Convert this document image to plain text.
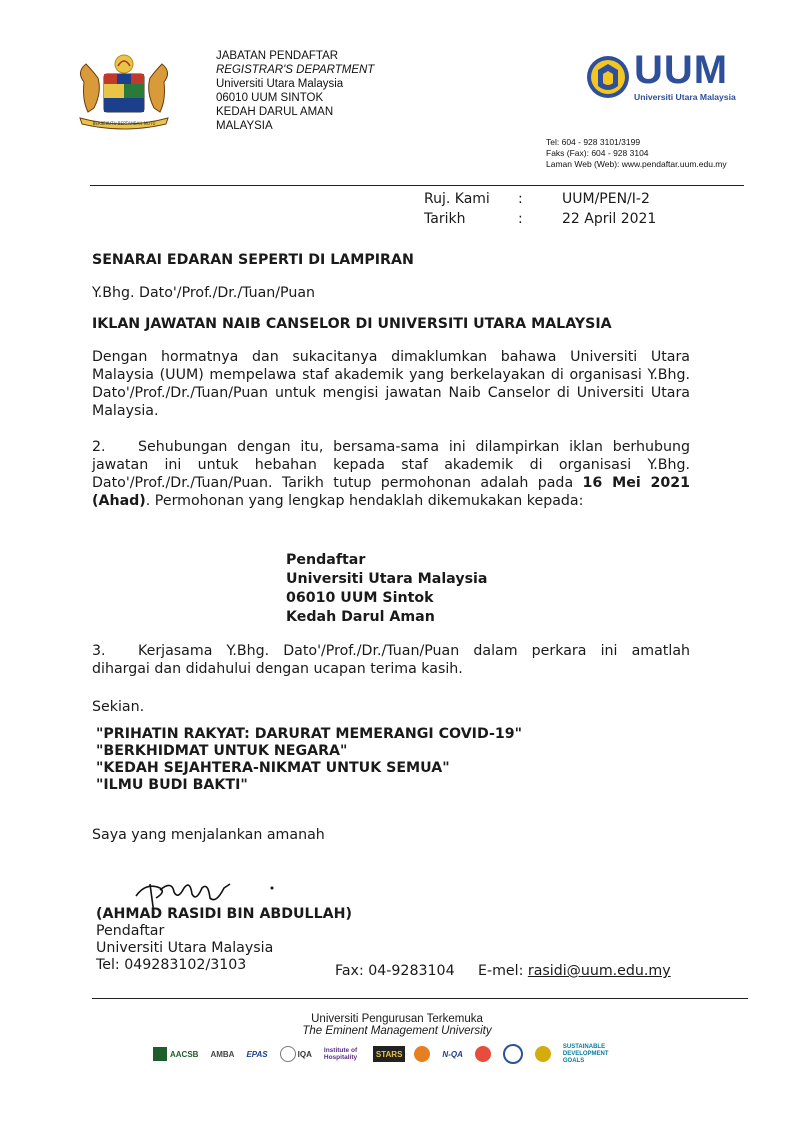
BERSEKUTU BERTAMBAH MUTU
JABATAN PENDAFTAR
REGISTRAR'S DEPARTMENT
Universiti Utara Malaysia
06010 UUM SINTOK
KEDAH DARUL AMAN
MALAYSIA
UUM
Universiti Utara Malaysia
Tel: 604 - 928 3101/3199
Faks (Fax): 604 - 928 3104
Laman Web (Web): www.pendaftar.uum.edu.my
Ruj. Kami :	UUM/PEN/I-2
Tarikh	:	22 April 2021
SENARAI EDARAN SEPERTI DI LAMPIRAN
Y.Bhg. Dato'/Prof./Dr./Tuan/Puan
IKLAN JAWATAN NAIB CANSELOR DI UNIVERSITI UTARA MALAYSIA
Dengan hormatnya dan sukacitanya dimaklumkan bahawa Universiti Utara Malaysia (UUM) mempelawa staf akademik yang berkelayakan di organisasi Y.Bhg. Dato'/Prof./Dr./Tuan/Puan untuk mengisi jawatan Naib Canselor di Universiti Utara Malaysia.
2. Sehubungan dengan itu, bersama-sama ini dilampirkan iklan berhubung jawatan ini untuk hebahan kepada staf akademik di organisasi Y.Bhg. Dato'/Prof./Dr./Tuan/Puan. Tarikh tutup permohonan adalah pada 16 Mei 2021 (Ahad). Permohonan yang lengkap hendaklah dikemukakan kepada:
Pendaftar
Universiti Utara Malaysia
06010 UUM Sintok
Kedah Darul Aman
3. Kerjasama Y.Bhg. Dato'/Prof./Dr./Tuan/Puan dalam perkara ini amatlah dihargai dan didahului dengan ucapan terima kasih.
Sekian.
"PRIHATIN RAKYAT: DARURAT MEMERANGI COVID-19"
"BERKHIDMAT UNTUK NEGARA"
"KEDAH SEJAHTERA-NIKMAT UNTUK SEMUA"
"ILMU BUDI BAKTI"
Saya yang menjalankan amanah
(AHMAD RASIDI BIN ABDULLAH)
Pendaftar
Universiti Utara Malaysia
Tel: 049283102/3103	Fax: 04-9283104 E-mel: rasidi@uum.edu.my
Universiti Pengurusan Terkemuka
The Eminent Management University
AACSB	AMBA	EPAS	IQA	Institute of Hospitality	STARS	N-QA
SUSTAINABLE DEVELOPMENT GOALS
